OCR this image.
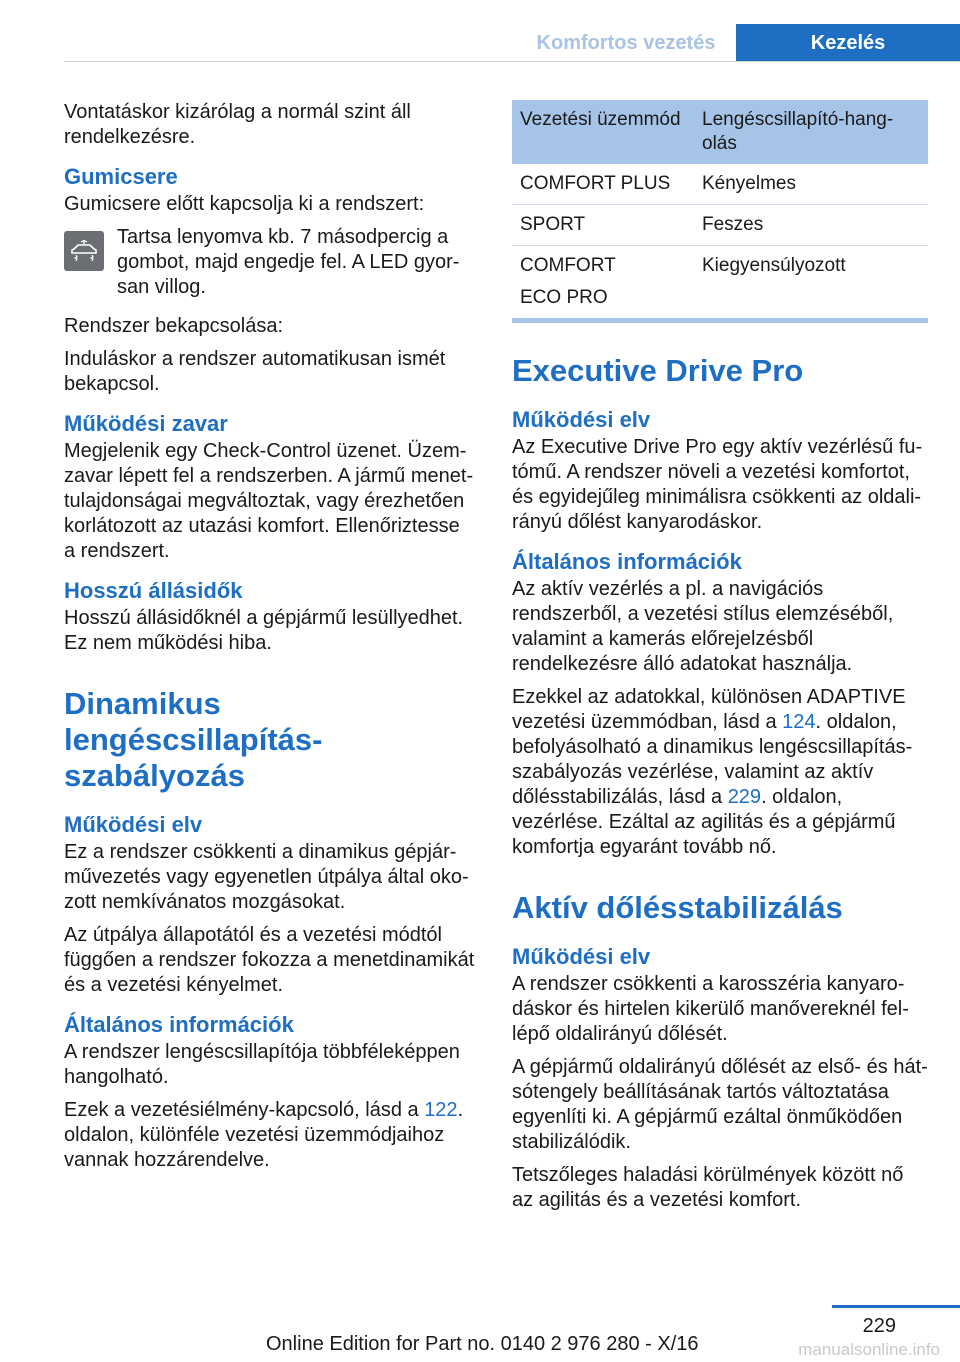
Komfortos vezetés	Kezelés

Vontatáskor kizárólag a normál szint áll rendelkezésre.

Gumicsere

Gumicsere előtt kapcsolja ki a rendszert:

Tartsa lenyomva kb. 7 másodpercig a gombot, majd engedje fel. A LED gyorsan villog.

Rendszer bekapcsolása:

Induláskor a rendszer automatikusan ismét bekapcsol.

Működési zavar

Megjelenik egy Check-Control üzenet. Üzemzavar lépett fel a rendszerben. A jármű menettulajdonságai megváltoztak, vagy érezhetően korlátozott az utazási komfort. Ellenőriztesse a rendszert.

Hosszú állásidők

Hosszú állásidőknél a gépjármű lesüllyedhet. Ez nem működési hiba.

Dinamikus lengéscsillapításszabályozás
Működési elv

Ez a rendszer csökkenti a dinamikus gépjárművezetés vagy egyenetlen útpálya által okozott nemkívánatos mozgásokat.

Az útpálya állapotától és a vezetési módtól függően a rendszer fokozza a menetdinamikát és a vezetési kényelmet.

Általános információk

A rendszer lengéscsillapítója többféleképpen hangolható.

Ezek a vezetésiélmény-kapcsoló, lásd a 122. oldalon, különféle vezetési üzemmódjaihoz vannak hozzárendelve.

Vezetési üzemmód	Lengéscsillapító-hangolás

COMFORT PLUS	Kényelmes

SPORT	Feszes

COMFORT
ECO PRO	Kiegyensúlyozott
Executive Drive Pro
Működési elv

Az Executive Drive Pro egy aktív vezérlésű futómű. A rendszer növeli a vezetési komfortot, és egyidejűleg minimálisra csökkenti az oldalirányú dőlést kanyarodáskor.

Általános információk

Az aktív vezérlés a pl. a navigációs rendszerből, a vezetési stílus elemzéséből, valamint a kamerás előrejelzésből rendelkezésre álló adatokat használja.

Ezekkel az adatokkal, különösen ADAPTIVE vezetési üzemmódban, lásd a 124. oldalon, befolyásolható a dinamikus lengéscsillapítás-szabályozás vezérlése, valamint az aktív dőlésstabilizálás, lásd a 229. oldalon, vezérlése. Ezáltal az agilitás és a gépjármű komfortja egyaránt tovább nő.

Aktív dőlésstabilizálás
Működési elv

A rendszer csökkenti a karosszéria kanyarodáskor és hirtelen kikerülő manővereknél fellépő oldalirányú dőlését.

A gépjármű oldalirányú dőlését az első- és hátsótengely beállításának tartós változtatása egyenlíti ki. A gépjármű ezáltal önműködően stabilizálódik.

Tetszőleges haladási körülmények között nő az agilitás és a vezetési komfort.

229
Online Edition for Part no. 0140 2 976 280 - X/16	manualsonline.info
